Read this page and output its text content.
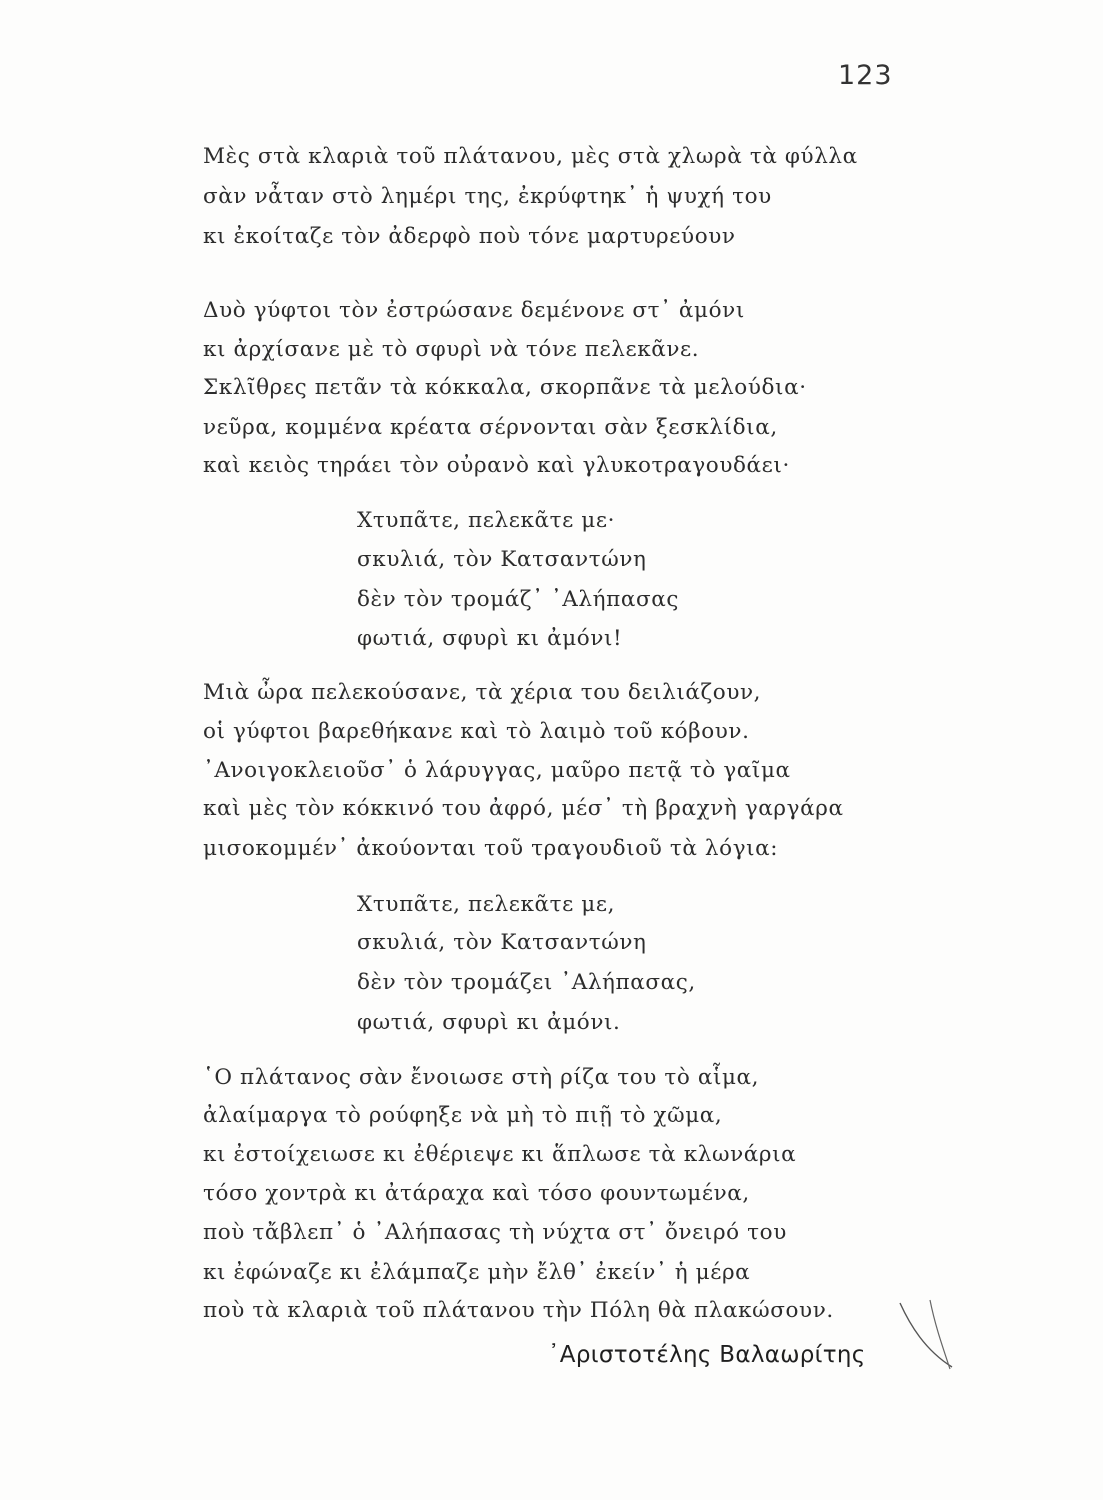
123
Μὲς στὰ κλαριὰ τοῦ πλάτανου, μὲς στὰ χλωρὰ τὰ φύλλα
σὰν νἆταν στὸ λημέρι της, ἐκρύφτηκ᾿ ἡ ψυχή του
κι ἐκοίταζε τὸν ἀδερφὸ ποὺ τόνε μαρτυρεύουν
Δυὸ γύφτοι τὸν ἐστρώσανε δεμένονε στ᾿ ἀμόνι
κι ἀρχίσανε μὲ τὸ σφυρὶ νὰ τόνε πελεκᾶνε.
Σκλῖθρες πετᾶν τὰ κόκκαλα, σκορπᾶνε τὰ μελούδια·
νεῦρα, κομμένα κρέατα σέρνονται σὰν ξεσκλίδια,
καὶ κειὸς τηράει τὸν οὐρανὸ καὶ γλυκοτραγουδάει·
Χτυπᾶτε, πελεκᾶτε με·
σκυλιά, τὸν Κατσαντώνη
δὲν τὸν τρομάζ᾿ ᾿Αλήπασας
φωτιά, σφυρὶ κι ἀμόνι!
Μιὰ ὦρα πελεκούσανε, τὰ χέρια του δειλιάζουν,
οἱ γύφτοι βαρεθήκανε καὶ τὸ λαιμὸ τοῦ κόβουν.
᾿Ανοιγοκλειοῦσ᾿ ὁ λάρυγγας, μαῦρο πετᾷ τὸ γαῖμα
καὶ μὲς τὸν κόκκινό του ἀφρό, μέσ᾿ τὴ βραχνὴ γαργάρα
μισοκομμέν᾿ ἀκούονται τοῦ τραγουδιοῦ τὰ λόγια:
Χτυπᾶτε, πελεκᾶτε με,
σκυλιά, τὸν Κατσαντώνη
δὲν τὸν τρομάζει ᾿Αλήπασας,
φωτιά, σφυρὶ κι ἀμόνι.
῾Ο πλάτανος σὰν ἔνοιωσε στὴ ρίζα του τὸ αἷμα,
ἀλαίμαργα τὸ ρούφηξε νὰ μὴ τὸ πιῇ τὸ χῶμα,
κι ἐστοίχειωσε κι ἐθέριεψε κι ἅπλωσε τὰ κλωνάρια
τόσο χοντρὰ κι ἀτάραχα καὶ τόσο φουντωμένα,
ποὺ τἄβλεπ᾿ ὁ ᾿Αλήπασας τὴ νύχτα στ᾿ ὄνειρό του
κι ἐφώναζε κι ἐλάμπαζε μὴν ἔλθ᾿ ἐκείν᾿ ἡ μέρα
ποὺ τὰ κλαριὰ τοῦ πλάτανου τὴν Πόλη θὰ πλακώσουν.
᾿Αριστοτέλης Βαλαωρίτης
